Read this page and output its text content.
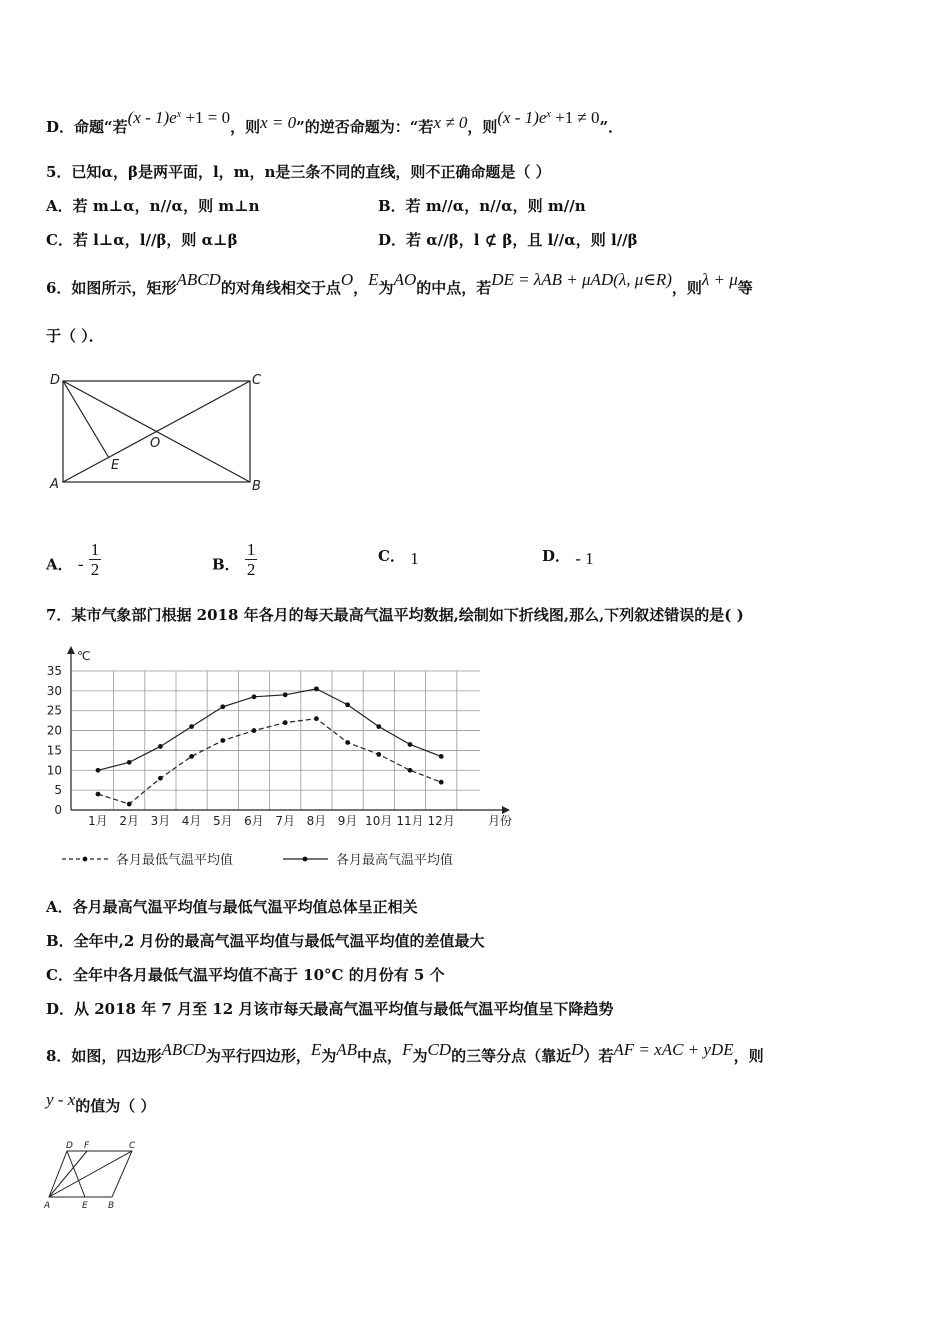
D．命题“若$(x - 1)e^x +1 = 0$，则x = 0”的逆否命题为：“若x ≠ 0，则$(x - 1)e^x +1 \ne 0$”．
5．已知α，β是两平面，l，m，n是三条不同的直线，则不正确命题是（ ）
A．若 m⊥α，n//α，则 m⊥n	B．若 m//α，n//α，则 m//n
C．若 l⊥α，l//β，则 α⊥β	D．若 α//β，l ⊄ β，且 l//α，则 l//β
6．如图所示，矩形ABCD的对角线相交于点O，E为AO的中点，若DE = λAB + μAD(λ, μ∈R)，则λ + μ等
于（ ）．
D	C
A	B
O
E
A． - $\frac{1}{2}$	B． $\frac{1}{2}$	C． 1	D． - 1
7．某市气象部门根据 2018 年各月的每天最高气温平均数据,绘制如下折线图,那么,下列叙述错误的是( )
0
5
10
15
20
25
30
35
℃
1月 2月 3月 4月 5月 6月 7月 8月 9月 10月 11月 12月	月份
各月最低气温平均值	各月最高气温平均值
A．各月最高气温平均值与最低气温平均值总体呈正相关
B．全年中,2 月份的最高气温平均值与最低气温平均值的差值最大
C．全年中各月最低气温平均值不高于 10°C 的月份有 5 个
D．从 2018 年 7 月至 12 月该市每天最高气温平均值与最低气温平均值呈下降趋势
8．如图，四边形ABCD为平行四边形，E为AB中点，F为CD的三等分点（靠近D）若AF = xAC + yDE，则
y - x的值为（ ）
D F	C
A	E B
